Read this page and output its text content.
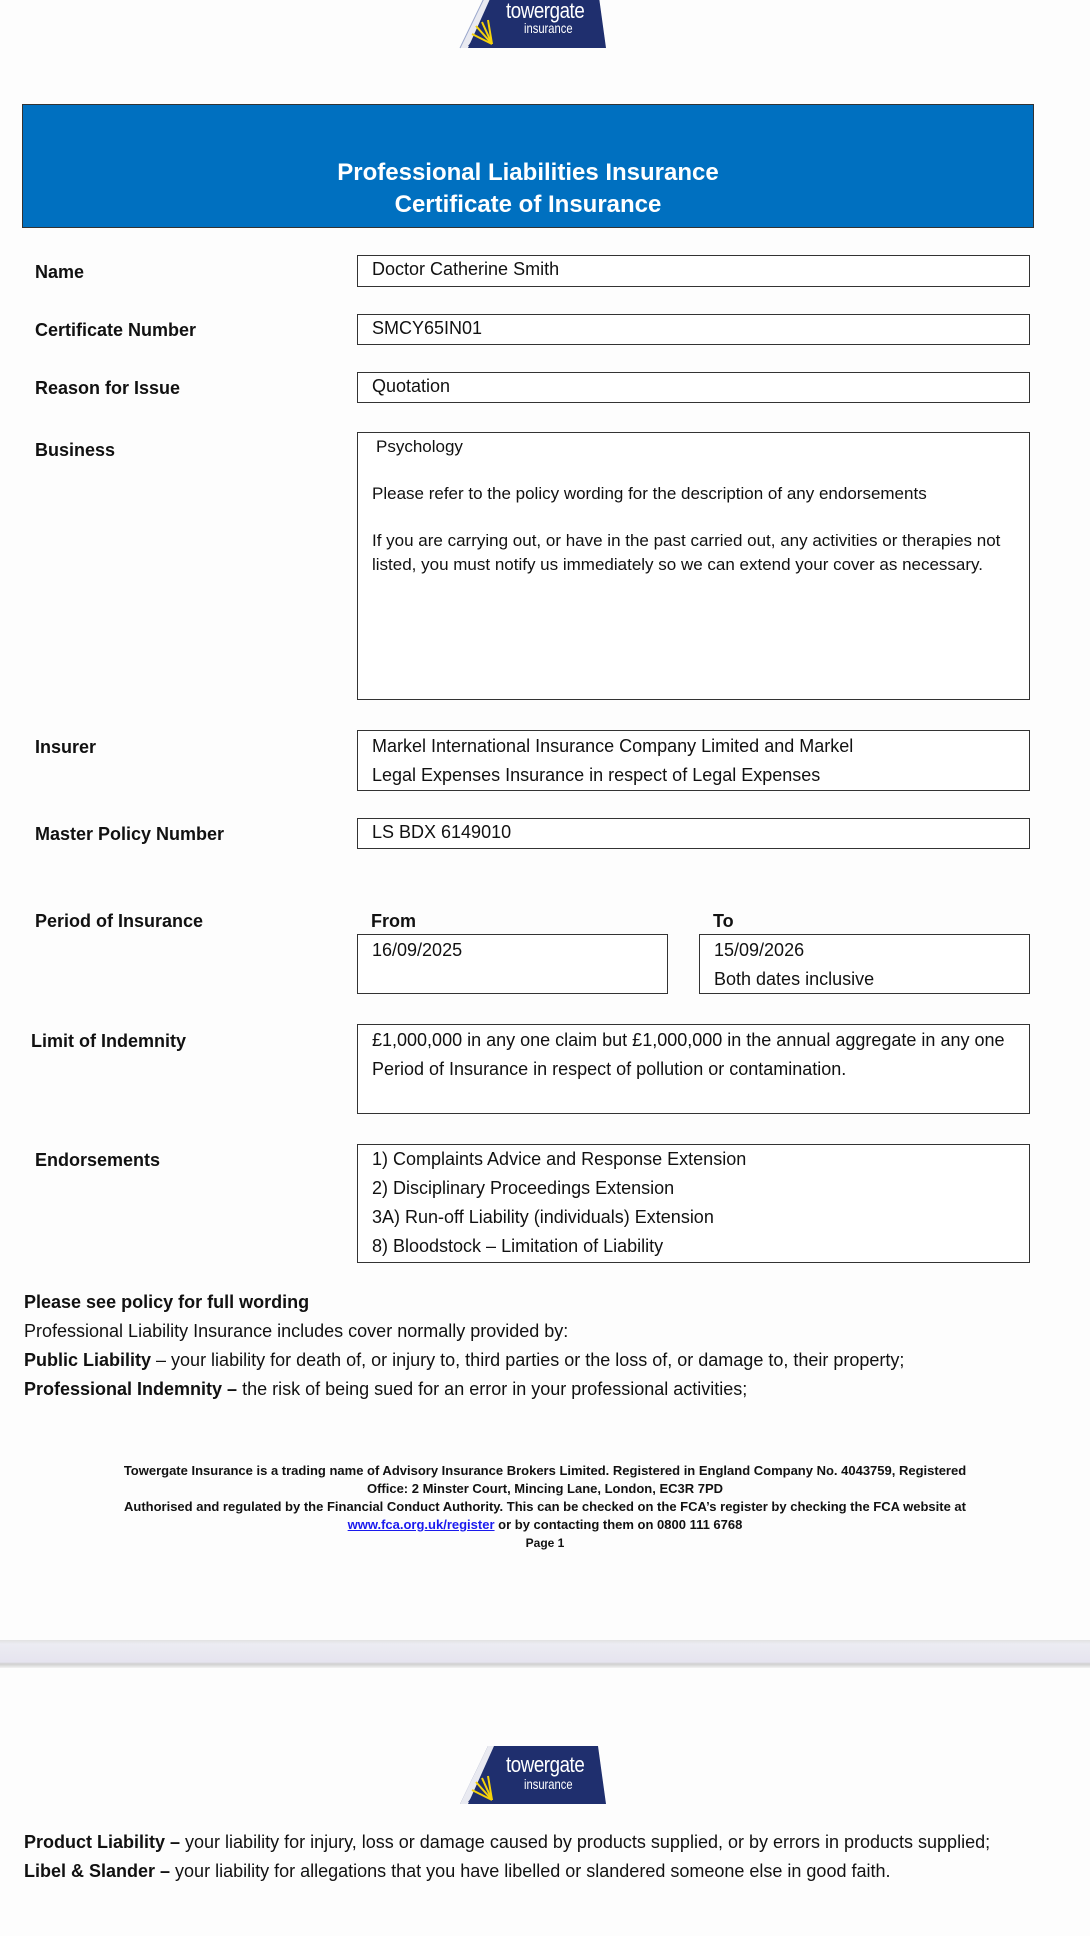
towergate
insurance
Professional Liabilities Insurance
Certificate of Insurance
Name	Doctor Catherine Smith
Certificate Number	SMCY65IN01
Reason for Issue	Quotation
Business	Psychology

Please refer to the policy wording for the description of any endorsements

If you are carrying out, or have in the past carried out, any activities or therapies not listed, you must notify us immediately so we can extend your cover as necessary.

Insurer	Markel International Insurance Company Limited and Markel
Legal Expenses Insurance in respect of Legal Expenses
Master Policy Number	LS BDX 6149010
Period of Insurance	From	To
16/09/2025	15/09/2026
Both dates inclusive
Limit of Indemnity	£1,000,000 in any one claim but £1,000,000 in the annual aggregate in any one Period of Insurance in respect of pollution or contamination.
Endorsements	1) Complaints Advice and Response Extension
2) Disciplinary Proceedings Extension
3A) Run-off Liability (individuals) Extension
8) Bloodstock – Limitation of Liability
Please see policy for full wording
Professional Liability Insurance includes cover normally provided by:
Public Liability – your liability for death of, or injury to, third parties or the loss of, or damage to, their property;
Professional Indemnity – the risk of being sued for an error in your professional activities;
Towergate Insurance is a trading name of Advisory Insurance Brokers Limited. Registered in England Company No. 4043759, Registered
Office: 2 Minster Court, Mincing Lane, London, EC3R 7PD
Authorised and regulated by the Financial Conduct Authority. This can be checked on the FCA’s register by checking the FCA website at
www.fca.org.uk/register or by contacting them on 0800 111 6768
Page 1
towergate
insurance
Product Liability – your liability for injury, loss or damage caused by products supplied, or by errors in products supplied;
Libel & Slander – your liability for allegations that you have libelled or slandered someone else in good faith.
